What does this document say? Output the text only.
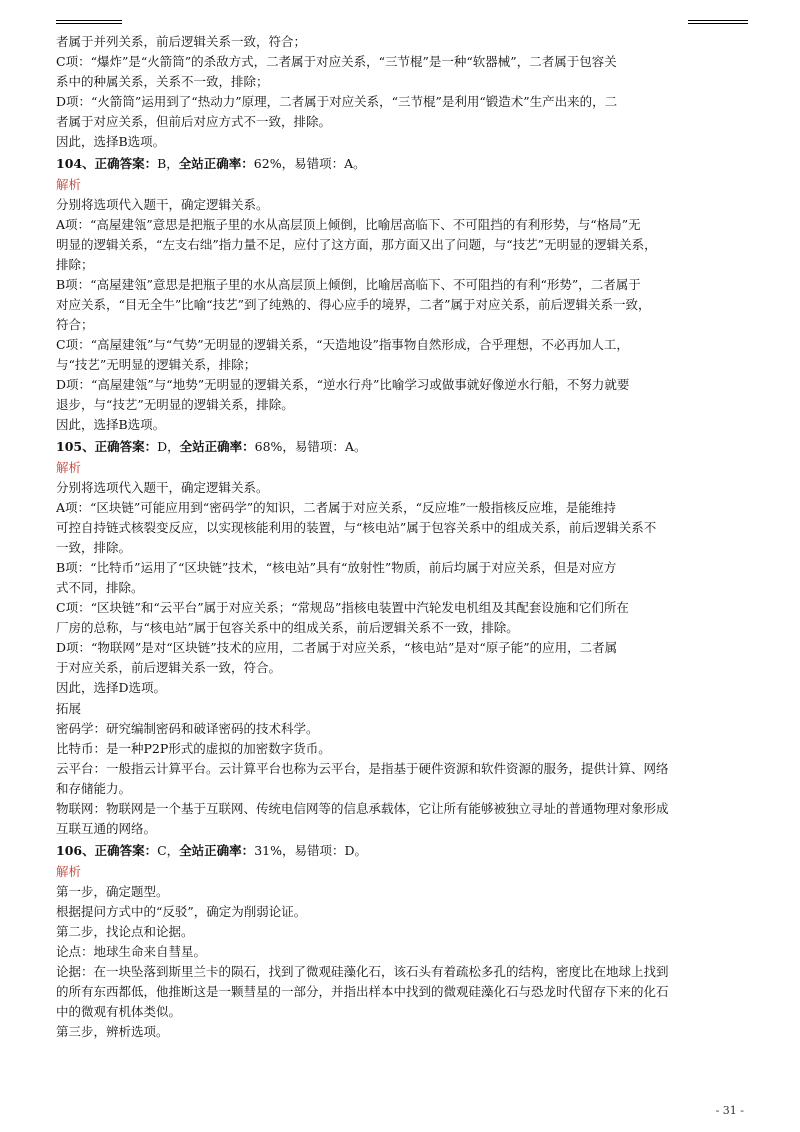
者属于并列关系，前后逻辑关系一致，符合；

C项：“爆炸”是“火箭筒”的杀敌方式，二者属于对应关系，“三节棍”是一种“软器械”，二者属于包容关

系中的种属关系，关系不一致，排除；

D项：“火箭筒”运用到了“热动力”原理，二者属于对应关系，“三节棍”是利用“锻造术”生产出来的，二

者属于对应关系，但前后对应方式不一致，排除。

因此，选择B选项。

104、正确答案：B，全站正确率：62%，易错项：A。

解析

分别将选项代入题干，确定逻辑关系。

A项：“高屋建瓴”意思是把瓶子里的水从高层顶上倾倒，比喻居高临下、不可阻挡的有利形势，与“格局”无

明显的逻辑关系，“左支右绌”指力量不足，应付了这方面，那方面又出了问题，与“技艺”无明显的逻辑关系，

排除；

B项：“高屋建瓴”意思是把瓶子里的水从高层顶上倾倒，比喻居高临下、不可阻挡的有利“形势”，二者属于

对应关系，“目无全牛”比喻“技艺”到了纯熟的、得心应手的境界，二者”属于对应关系，前后逻辑关系一致，

符合；

C项：“高屋建瓴”与“气势”无明显的逻辑关系，“天造地设”指事物自然形成，合乎理想，不必再加人工，

与“技艺”无明显的逻辑关系，排除；

D项：“高屋建瓴”与“地势”无明显的逻辑关系，“逆水行舟”比喻学习或做事就好像逆水行船，不努力就要

退步，与“技艺”无明显的逻辑关系，排除。

因此，选择B选项。

105、正确答案：D，全站正确率：68%，易错项：A。

解析

分别将选项代入题干，确定逻辑关系。

A项：“区块链”可能应用到“密码学”的知识，二者属于对应关系，“反应堆”一般指核反应堆，是能维持

可控自持链式核裂变反应，以实现核能利用的装置，与“核电站”属于包容关系中的组成关系，前后逻辑关系不

一致，排除。

B项：“比特币”运用了“区块链”技术，“核电站”具有“放射性”物质，前后均属于对应关系，但是对应方

式不同，排除。

C项：“区块链”和“云平台”属于对应关系；“常规岛”指核电装置中汽轮发电机组及其配套设施和它们所在

厂房的总称，与“核电站”属于包容关系中的组成关系，前后逻辑关系不一致，排除。

D项：“物联网”是对“区块链”技术的应用，二者属于对应关系，“核电站”是对“原子能”的应用，二者属

于对应关系，前后逻辑关系一致，符合。

因此，选择D选项。

拓展

密码学：研究编制密码和破译密码的技术科学。

比特币：是一种P2P形式的虚拟的加密数字货币。

云平台：一般指云计算平台。云计算平台也称为云平台，是指基于硬件资源和软件资源的服务，提供计算、网络

和存储能力。

物联网：物联网是一个基于互联网、传统电信网等的信息承载体，它让所有能够被独立寻址的普通物理对象形成

互联互通的网络。

106、正确答案：C，全站正确率：31%，易错项：D。

解析

第一步，确定题型。

根据提问方式中的“反驳”，确定为削弱论证。

第二步，找论点和论据。

论点：地球生命来自彗星。

论据：在一块坠落到斯里兰卡的陨石，找到了微观硅藻化石，该石头有着疏松多孔的结构，密度比在地球上找到

的所有东西都低，他推断这是一颗彗星的一部分，并指出样本中找到的微观硅藻化石与恐龙时代留存下来的化石

中的微观有机体类似。

第三步，辨析选项。

- 31 -
